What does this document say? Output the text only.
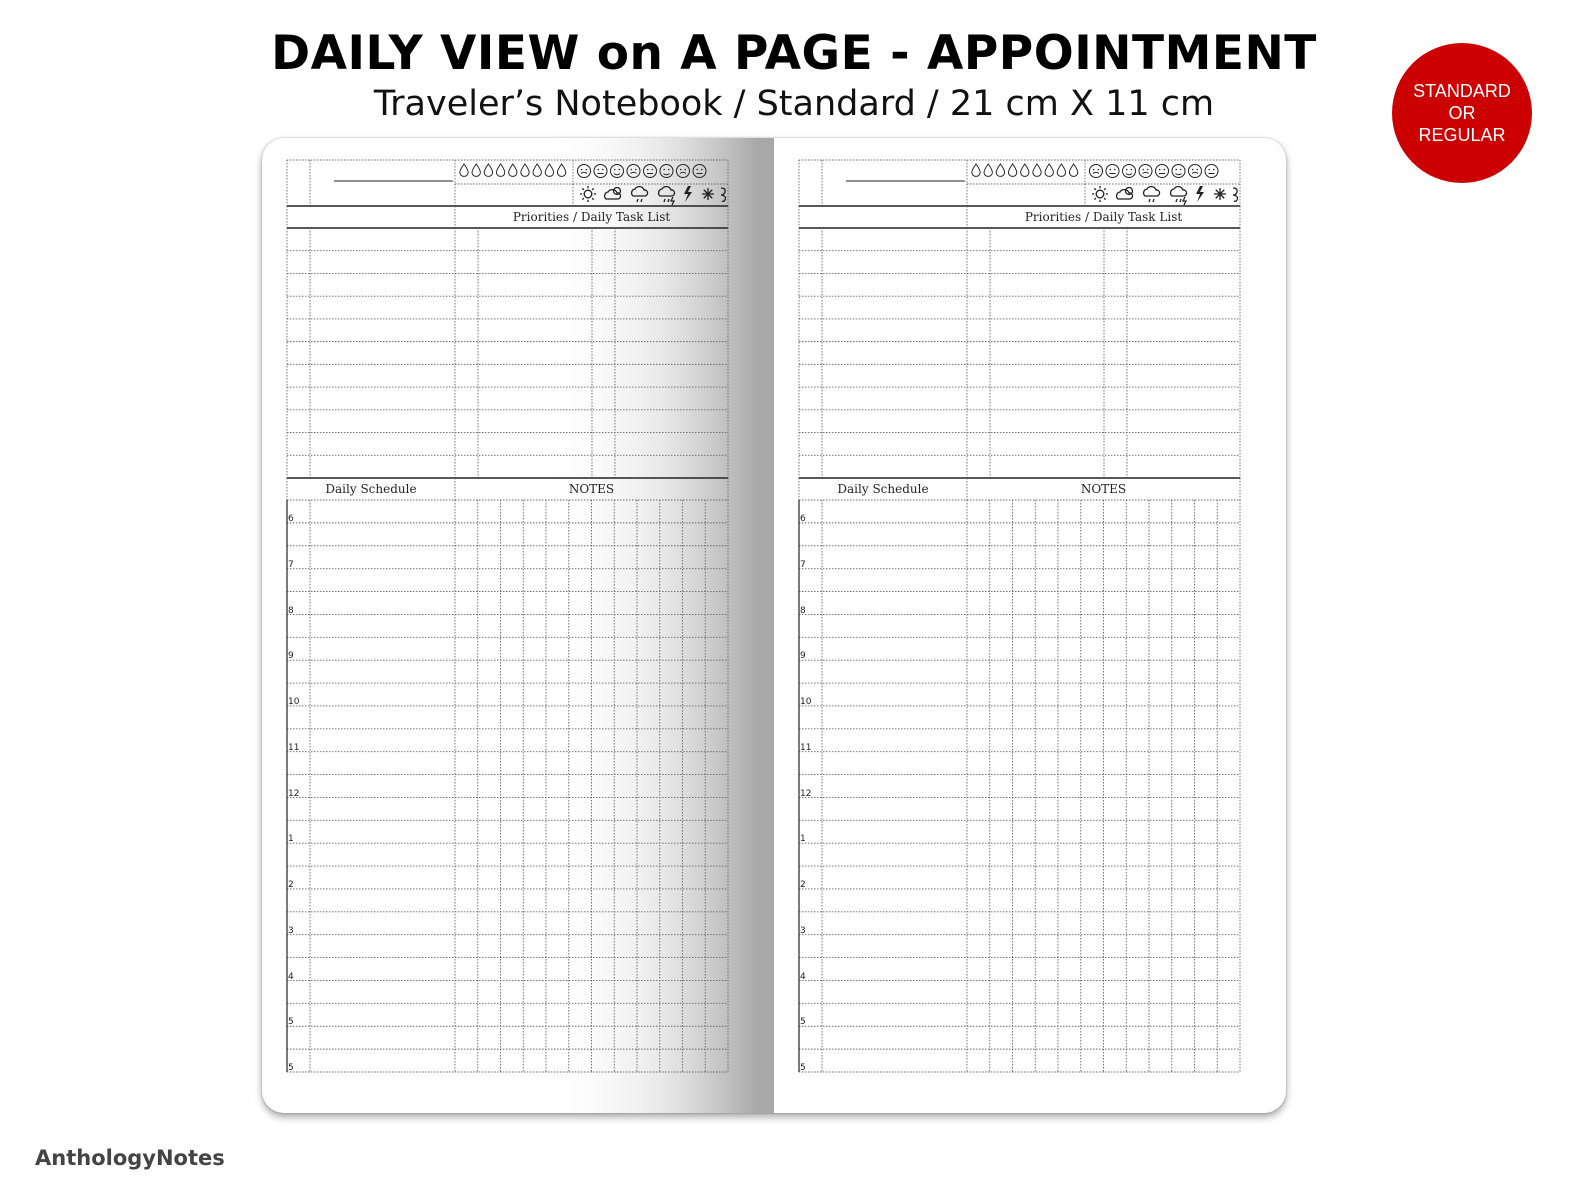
DAILY VIEW on A PAGE - APPOINTMENT
Traveler’s Notebook / Standard / 21 cm X 11 cm	STANDARD
OR
REGULAR
Priorities / Daily Task List
Daily Schedule	NOTES
6
7
8
9
10
11
12
1
2
3
4
5
5
Priorities / Daily Task List
Daily Schedule	NOTES
6
7
8
9
10
11
12
1
2
3
4
5
5
AnthologyNotes
